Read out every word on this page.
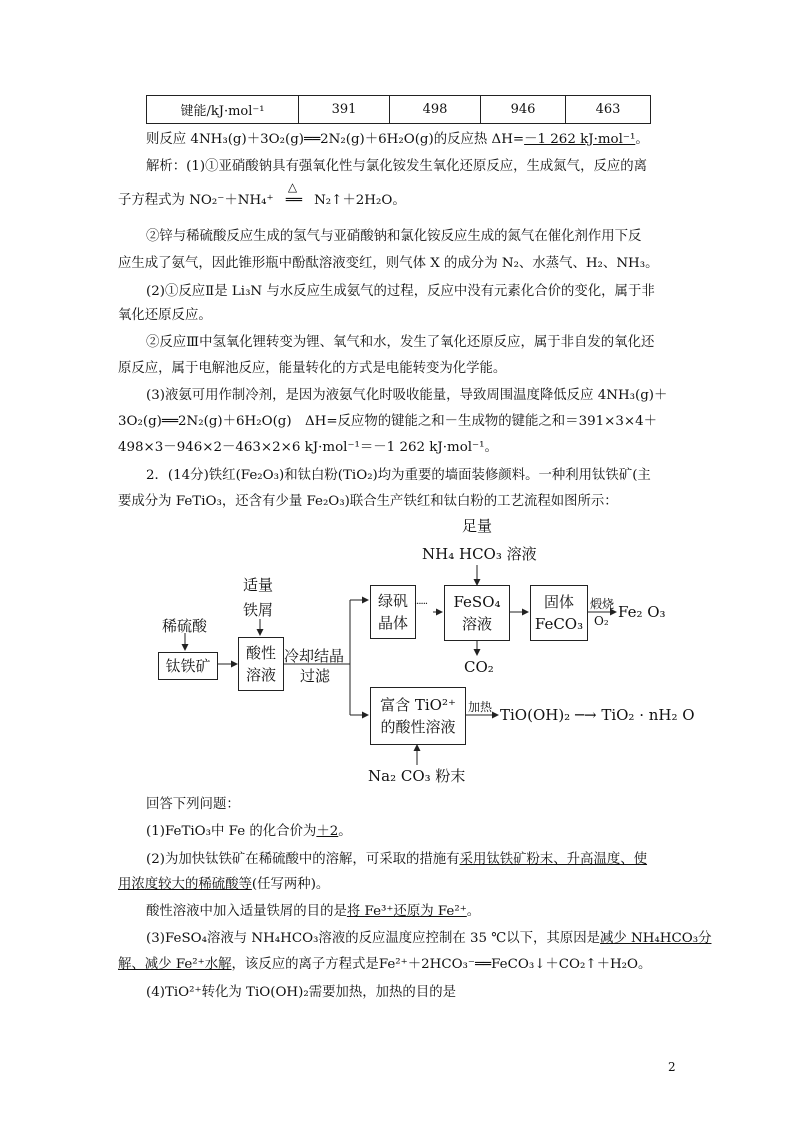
键能/kJ·mol⁻¹	391	498	946	463
则反应 4NH₃(g)＋3O₂(g)══2N₂(g)＋6H₂O(g)的反应热 ΔH=－1 262 kJ·mol⁻¹。
解析：(1)①亚硝酸钠具有强氧化性与氯化铵发生氧化还原反应，生成氮气，反应的离
子方程式为 NO₂⁻＋NH₄⁺
△
══ N₂↑＋2H₂O。
②锌与稀硫酸反应生成的氢气与亚硝酸钠和氯化铵反应生成的氮气在催化剂作用下反
应生成了氨气，因此锥形瓶中酚酞溶液变红，则气体 X 的成分为 N₂、水蒸气、H₂、NH₃。
(2)①反应Ⅱ是 Li₃N 与水反应生成氨气的过程，反应中没有元素化合价的变化，属于非
氧化还原反应。
②反应Ⅲ中氢氧化锂转变为锂、氧气和水，发生了氧化还原反应，属于非自发的氧化还
原反应，属于电解池反应，能量转化的方式是电能转变为化学能。
(3)液氨可用作制冷剂，是因为液氨气化时吸收能量，导致周围温度降低反应 4NH₃(g)＋
3O₂(g)══2N₂(g)＋6H₂O(g)　ΔH=反应物的键能之和－生成物的键能之和＝391×3×4＋
498×3－946×2－463×2×6 kJ·mol⁻¹＝－1 262 kJ·mol⁻¹。
2．(14分)铁红(Fe₂O₃)和钛白粉(TiO₂)均为重要的墙面装修颜料。一种利用钛铁矿(主
要成分为 FeTiO₃，还含有少量 Fe₂O₃)联合生产铁红和钛白粉的工艺流程如图所示：
稀硫酸
钛铁矿
适量
铁屑
酸性
溶液
冷却结晶
过滤
绿矾
晶体
······
足量
NH₄ HCO₃ 溶液
FeSO₄
溶液
CO₂
固体
FeCO₃
煅烧
O₂ Fe₂ O₃
富含 TiO²⁺
的酸性溶液
加热 TiO(OH)₂ ─→ TiO₂ · nH₂ O
Na₂ CO₃ 粉末
回答下列问题：
(1)FeTiO₃中 Fe 的化合价为＋2。
(2)为加快钛铁矿在稀硫酸中的溶解，可采取的措施有采用钛铁矿粉末、升高温度、使
用浓度较大的稀硫酸等(任写两种)。
酸性溶液中加入适量铁屑的目的是将 Fe³⁺还原为 Fe²⁺。
(3)FeSO₄溶液与 NH₄HCO₃溶液的反应温度应控制在 35 ℃以下，其原因是减少 NH₄HCO₃分
解、减少 Fe²⁺水解，该反应的离子方程式是Fe²⁺＋2HCO₃⁻══FeCO₃↓＋CO₂↑＋H₂O。
(4)TiO²⁺转化为 TiO(OH)₂需要加热，加热的目的是
2
